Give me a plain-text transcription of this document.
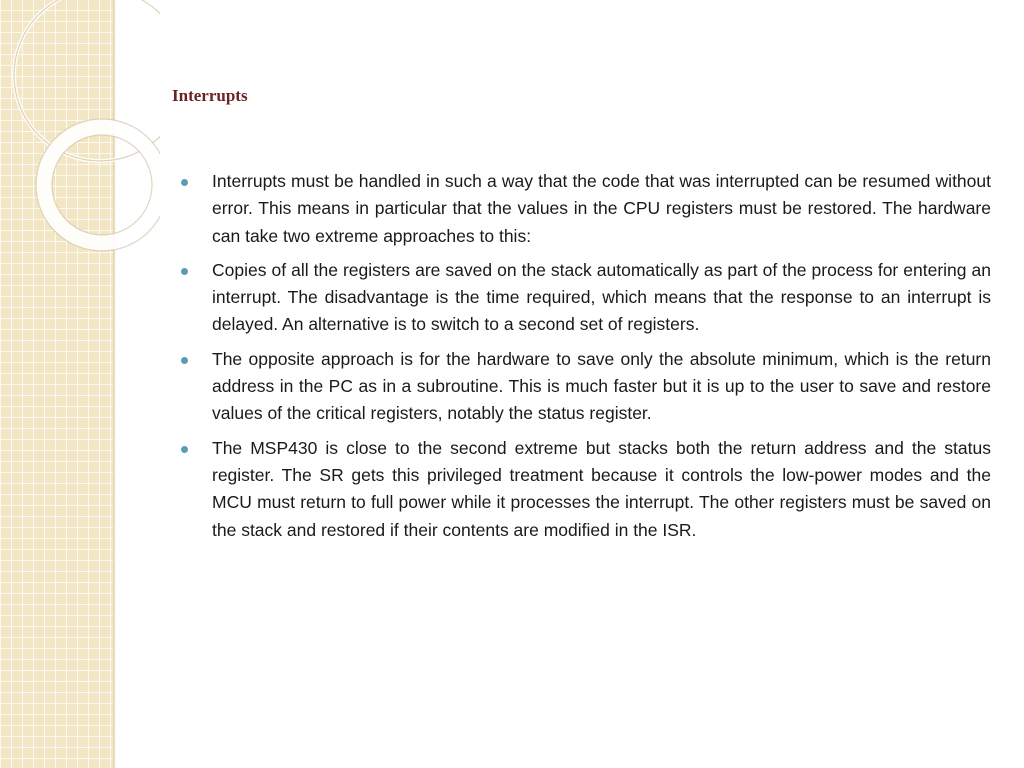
Interrupts
Interrupts must be handled in such a way that the code that was interrupted can be resumed without error. This means in particular that the values in the CPU registers must be restored. The hardware can take two extreme approaches to this:
Copies of all the registers are saved on the stack automatically as part of the process for entering an interrupt. The disadvantage is the time required, which means that the response to an interrupt is delayed. An alternative is to switch to a second set of registers.
The opposite approach is for the hardware to save only the absolute minimum, which is the return address in the PC as in a subroutine. This is much faster but it is up to the user to save and restore values of the critical registers, notably the status register.
The MSP430 is close to the second extreme but stacks both the return address and the status register. The SR gets this privileged treatment because it controls the low-power modes and the MCU must return to full power while it processes the interrupt. The other registers must be saved on the stack and restored if their contents are modified in the ISR.
